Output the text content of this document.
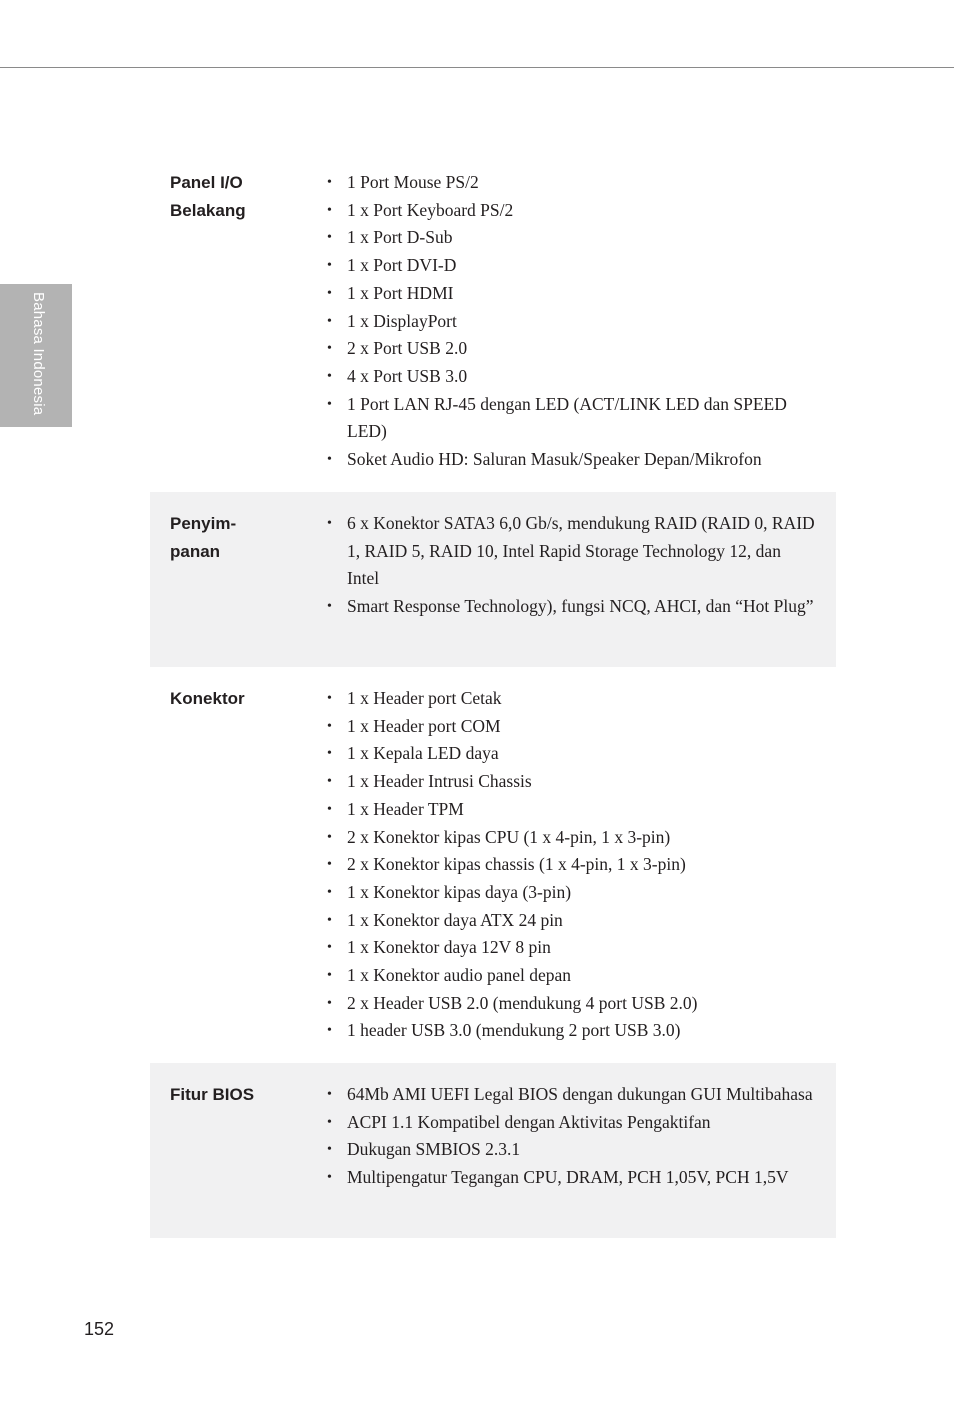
Bahasa Indonesia
Panel I/O
Belakang
• 1 Port Mouse PS/2
• 1 x Port Keyboard PS/2
• 1 x Port D-Sub
• 1 x Port DVI-D
• 1 x Port HDMI
• 1 x DisplayPort
• 2 x Port USB 2.0
• 4 x Port USB 3.0
• 1 Port LAN RJ-45 dengan LED (ACT/LINK LED dan SPEED LED)
• Soket Audio HD: Saluran Masuk/Speaker Depan/Mikrofon
Penyim-
panan
• 6 x Konektor SATA3 6,0 Gb/s, mendukung RAID (RAID 0, RAID 1, RAID 5, RAID 10, Intel Rapid Storage Technology 12, dan Intel
• Smart Response Technology), fungsi NCQ, AHCI, dan “Hot Plug”
Konektor	• 1 x Header port Cetak
• 1 x Header port COM
• 1 x Kepala LED daya
• 1 x Header Intrusi Chassis
• 1 x Header TPM
• 2 x Konektor kipas CPU (1 x 4-pin, 1 x 3-pin)
• 2 x Konektor kipas chassis (1 x 4-pin, 1 x 3-pin)
• 1 x Konektor kipas daya (3-pin)
• 1 x Konektor daya ATX 24 pin
• 1 x Konektor daya 12V 8 pin
• 1 x Konektor audio panel depan
• 2 x Header USB 2.0 (mendukung 4 port USB 2.0)
• 1 header USB 3.0 (mendukung 2 port USB 3.0)
Fitur BIOS	• 64Mb AMI UEFI Legal BIOS dengan dukungan GUI Multibahasa
• ACPI 1.1 Kompatibel dengan Aktivitas Pengaktifan
• Dukugan SMBIOS 2.3.1
• Multipengatur Tegangan CPU, DRAM, PCH 1,05V, PCH 1,5V
152
